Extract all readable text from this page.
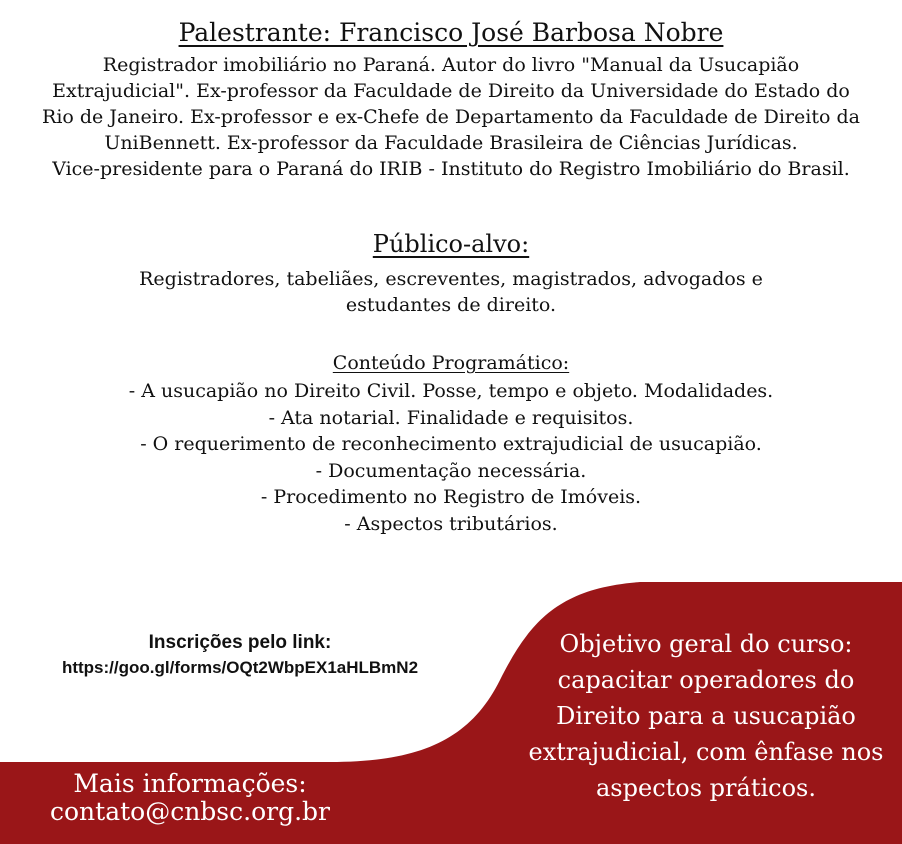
Palestrante: Francisco José Barbosa Nobre
Registrador imobiliário no Paraná. Autor do livro "Manual da Usucapião
Extrajudicial". Ex-professor da Faculdade de Direito da Universidade do Estado do
Rio de Janeiro. Ex-professor e ex-Chefe de Departamento da Faculdade de Direito da
UniBennett. Ex-professor da Faculdade Brasileira de Ciências Jurídicas.
Vice-presidente para o Paraná do IRIB - Instituto do Registro Imobiliário do Brasil.
Público-alvo:
Registradores, tabeliães, escreventes, magistrados, advogados e
estudantes de direito.
Conteúdo Programático:
- A usucapião no Direito Civil. Posse, tempo e objeto. Modalidades.
- Ata notarial. Finalidade e requisitos.
- O requerimento de reconhecimento extrajudicial de usucapião.
- Documentação necessária.
- Procedimento no Registro de Imóveis.
- Aspectos tributários.
Inscrições pelo link:
https://goo.gl/forms/OQt2WbpEX1aHLBmN2
Objetivo geral do curso:
capacitar operadores do
Direito para a usucapião
extrajudicial, com ênfase nos
aspectos práticos.
Mais informações:
contato@cnbsc.org.br
